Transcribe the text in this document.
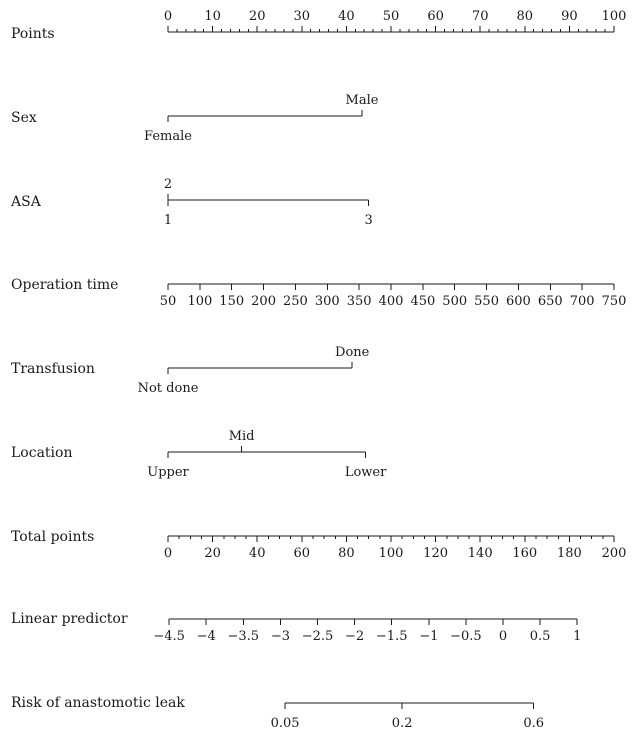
Points
Sex
ASA
Operation time
Transfusion
Location
Total points
Linear predictor
Risk of anastomotic leak
0 10 20 30 40 50 60 70 80 90 100
Female
Male
1
2
3
50 100 150 200 250 300 350 400 450 500 550 600 650 700 750
Not done
Done
Upper
Mid
Lower
0 20 40 60 80 100 120 140 160 180 200
−4.5 −4 −3.5 −3 −2.5 −2 −1.5 −1 −0.5 0 0.5 1
0.05	0.2	0.6
